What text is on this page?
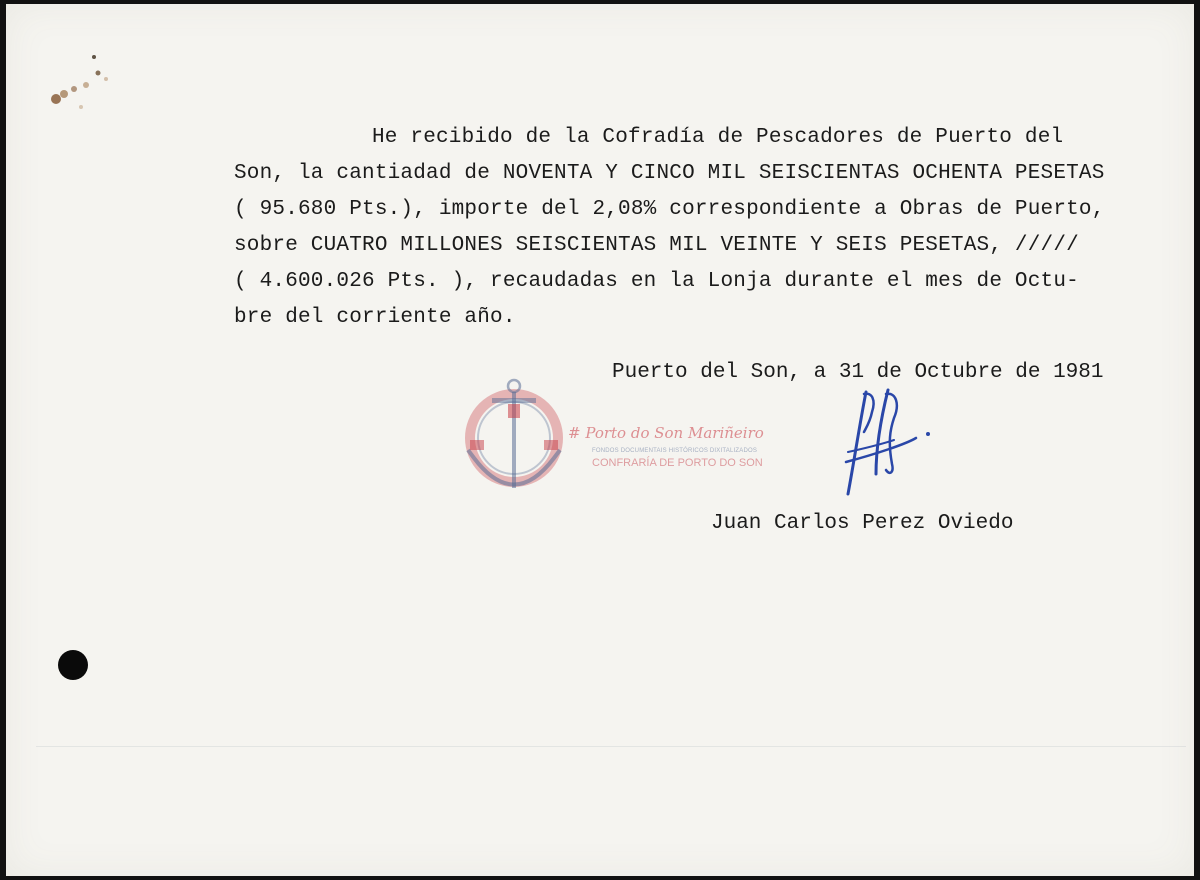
He recibido de la Cofradía de Pescadores de Puerto del
Son, la cantiadad de NOVENTA Y CINCO MIL SEISCIENTAS OCHENTA PESETAS
( 95.680 Pts.), importe del 2,08% correspondiente a Obras de Puerto,
sobre CUATRO MILLONES SEISCIENTAS MIL VEINTE Y SEIS PESETAS, /////
( 4.600.026 Pts. ), recaudadas en la Lonja durante el mes de Octu-
bre del corriente año.
Puerto del Son, a 31 de Octubre de 1981
# Porto do Son Mariñeiro
FONDOS DOCUMENTAIS HISTÓRICOS DIXITALIZADOS
CONFRARÍA DE PORTO DO SON
Juan Carlos Perez Oviedo
